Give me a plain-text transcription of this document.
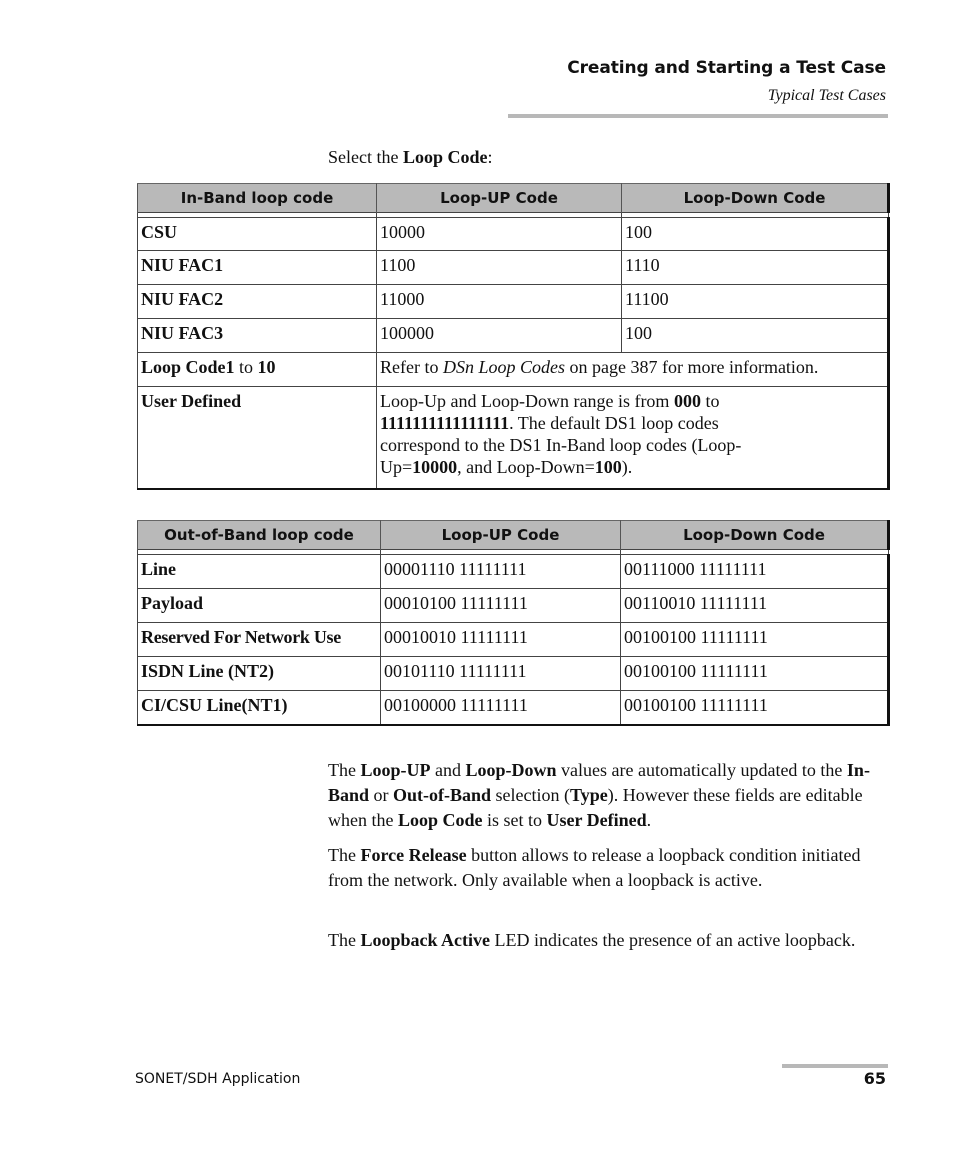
Creating and Starting a Test Case
Typical Test Cases
Select the Loop Code:
In-Band loop code	Loop-UP Code	Loop-Down Code

CSU	10000	100
NIU FAC1	1100	1110
NIU FAC2	11000	11100
NIU FAC3	100000	100
Loop Code1 to 10	Refer to DSn Loop Codes on page 387 for more information.	
User Defined	Loop-Up and Loop-Down range is from 000 to 1111111111111111. The default DS1 loop codes correspond to the DS1 In-Band loop codes (Loop-Up=10000, and Loop-Down=100).	
Out-of-Band loop code	Loop-UP Code	Loop-Down Code

Line	00001110 11111111	00111000 11111111
Payload	00010100 11111111	00110010 11111111
Reserved For Network Use	00010010 11111111	00100100 11111111
ISDN Line (NT2)	00101110 11111111	00100100 11111111
CI/CSU Line(NT1)	00100000 11111111	00100100 11111111

The Loop-UP and Loop-Down values are automatically updated to the In-Band or Out-of-Band selection (Type). However these fields are editable when the Loop Code is set to User Defined.

The Force Release button allows to release a loopback condition initiated from the network. Only available when a loopback is active.

The Loopback Active LED indicates the presence of an active loopback.

SONET/SDH Application	65
